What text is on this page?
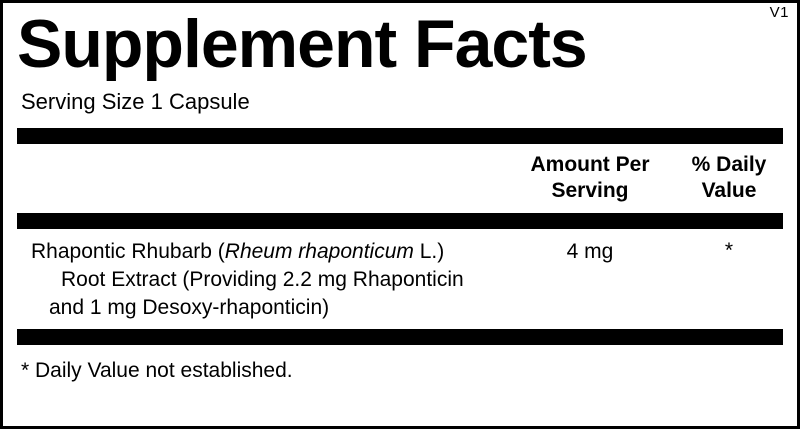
V1
Supplement Facts
Serving Size 1 Capsule
Amount Per
Serving
% Daily
Value
Rhapontic Rhubarb (Rheum rhaponticum L.)
Root Extract (Providing 2.2 mg Rhaponticin
and 1 mg Desoxy-rhaponticin)
4 mg	*
* Daily Value not established.
